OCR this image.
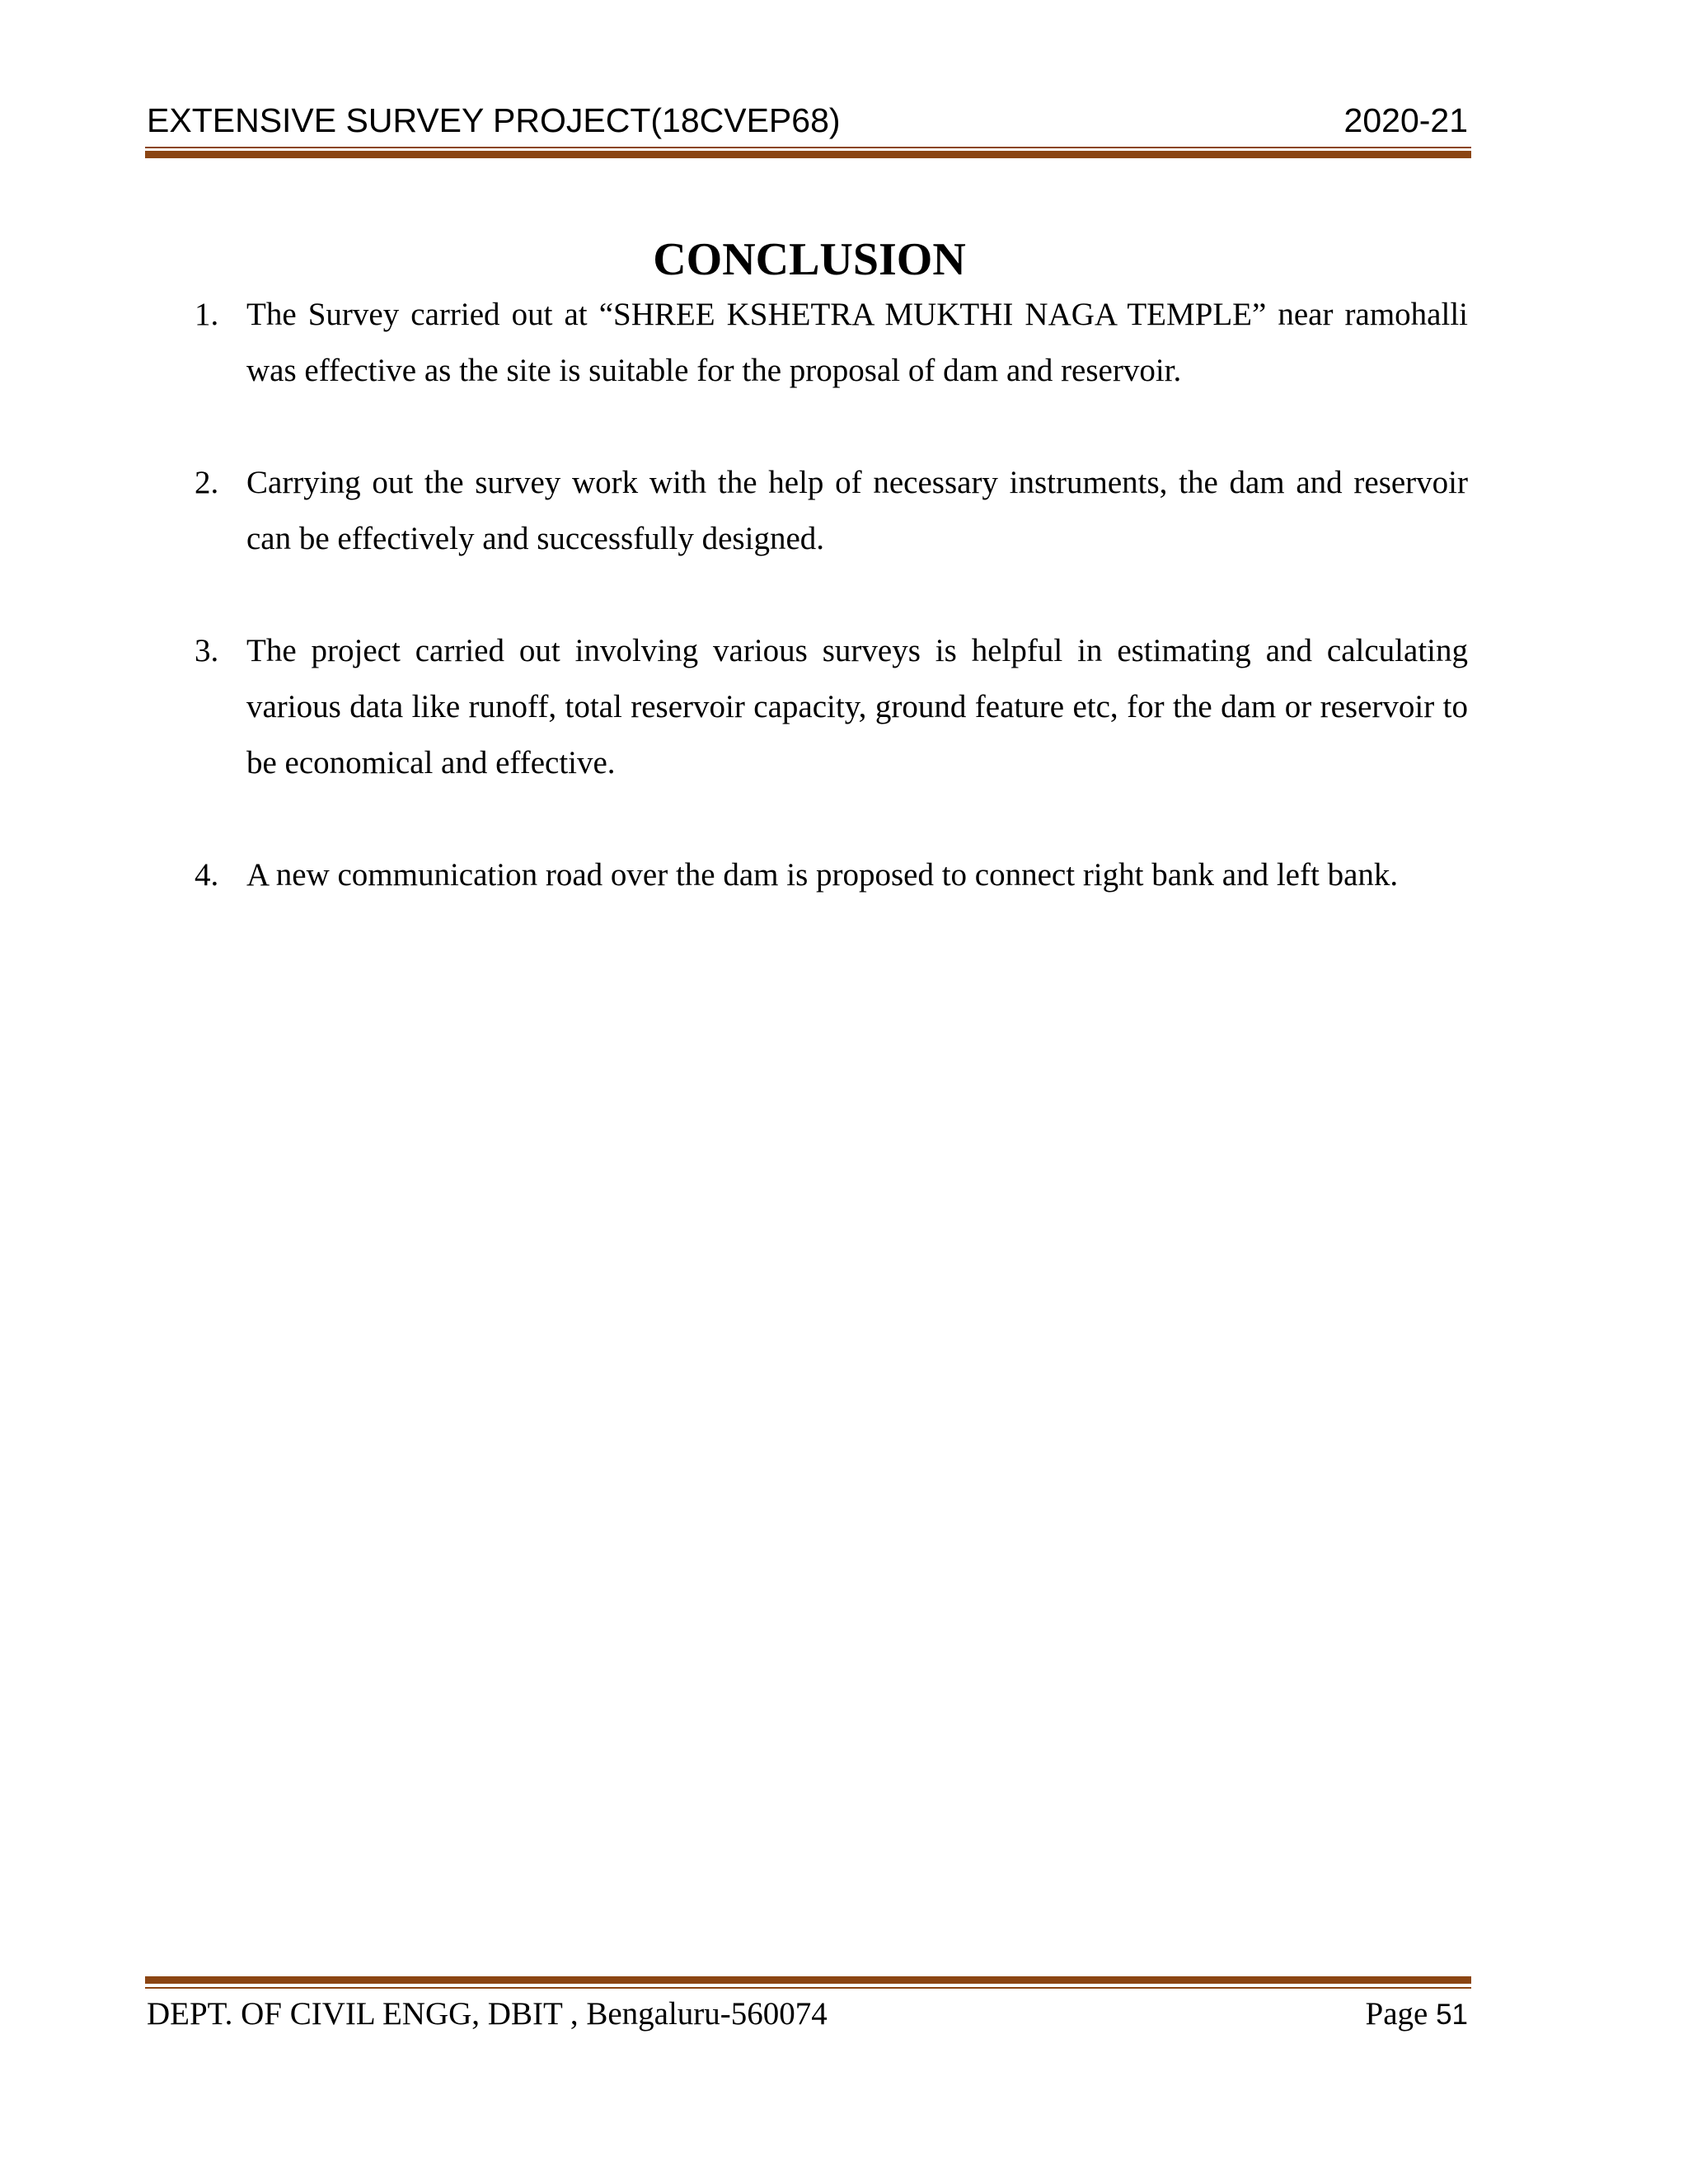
EXTENSIVE SURVEY PROJECT(18CVEP68)	2020-21
CONCLUSION
1. The Survey carried out at “SHREE KSHETRA MUKTHI NAGA TEMPLE” near ramohalli was effective as the site is suitable for the proposal of dam and reservoir.
2. Carrying out the survey work with the help of necessary instruments, the dam and reservoir can be effectively and successfully designed.
3. The project carried out involving various surveys is helpful in estimating and calculating various data like runoff, total reservoir capacity, ground feature etc, for the dam or reservoir to be economical and effective.
4. A new communication road over the dam is proposed to connect right bank and left bank.
DEPT. OF CIVIL ENGG, DBIT , Bengaluru-560074	Page 51
